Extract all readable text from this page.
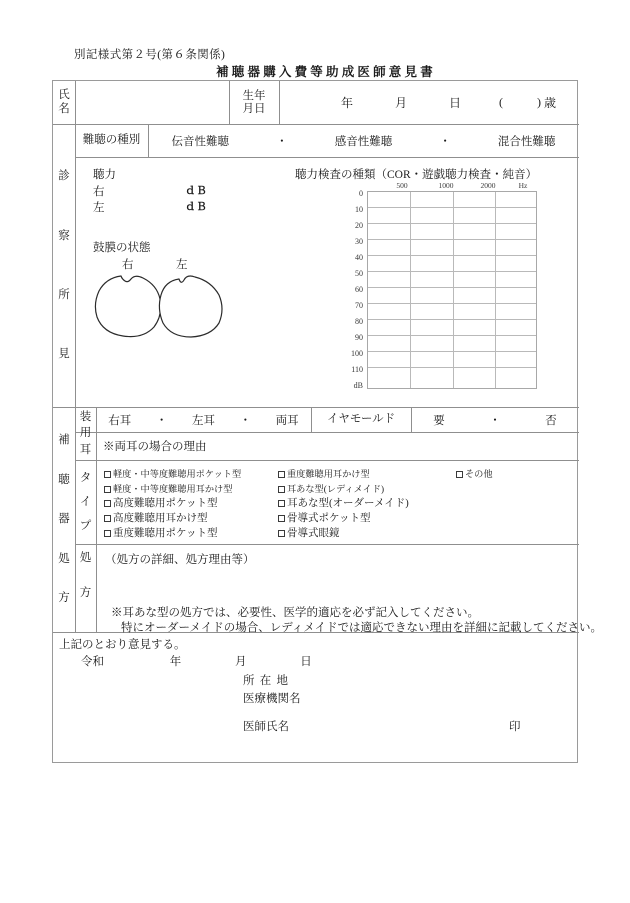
別記様式第２号(第６条関係)
補聴器購入費等助成医師意見書
氏
名
生年
月日	年	月	日	(	) 歳
診
察
所
見
難聴の種別	伝音性難聴	・	感音性難聴	・	混合性難聴
聴力
右	ｄＢ
左	ｄＢ
鼓膜の状態
右	左
聴力検査の種類（COR・遊戯聴力検査・純音）
500	1000	2000	Hz
0
10
20
30
40
50
60
70
80
90
100
110
dB
補
聴
器
処
方
装
用
耳
右耳 ・ 左耳 ・ 両耳	イヤモールド	要	・	否
※両耳の場合の理由
タ
イ
プ
軽度・中等度難聴用ポケット型
軽度・中等度難聴用耳かけ型
高度難聴用ポケット型
高度難聴用耳かけ型
重度難聴用ポケット型
重度難聴用耳かけ型
耳あな型(レディメイド)
耳あな型(オーダーメイド)
骨導式ポケット型
骨導式眼鏡
その他
処
方
（処方の詳細、処方理由等）
※耳あな型の処方では、必要性、医学的適応を必ず記入してください。
特にオーダーメイドの場合、レディメイドでは適応できない理由を詳細に記載してください。
上記のとおり意見する。
令和	年	月	日
所 在 地
医療機関名
医師氏名	印
